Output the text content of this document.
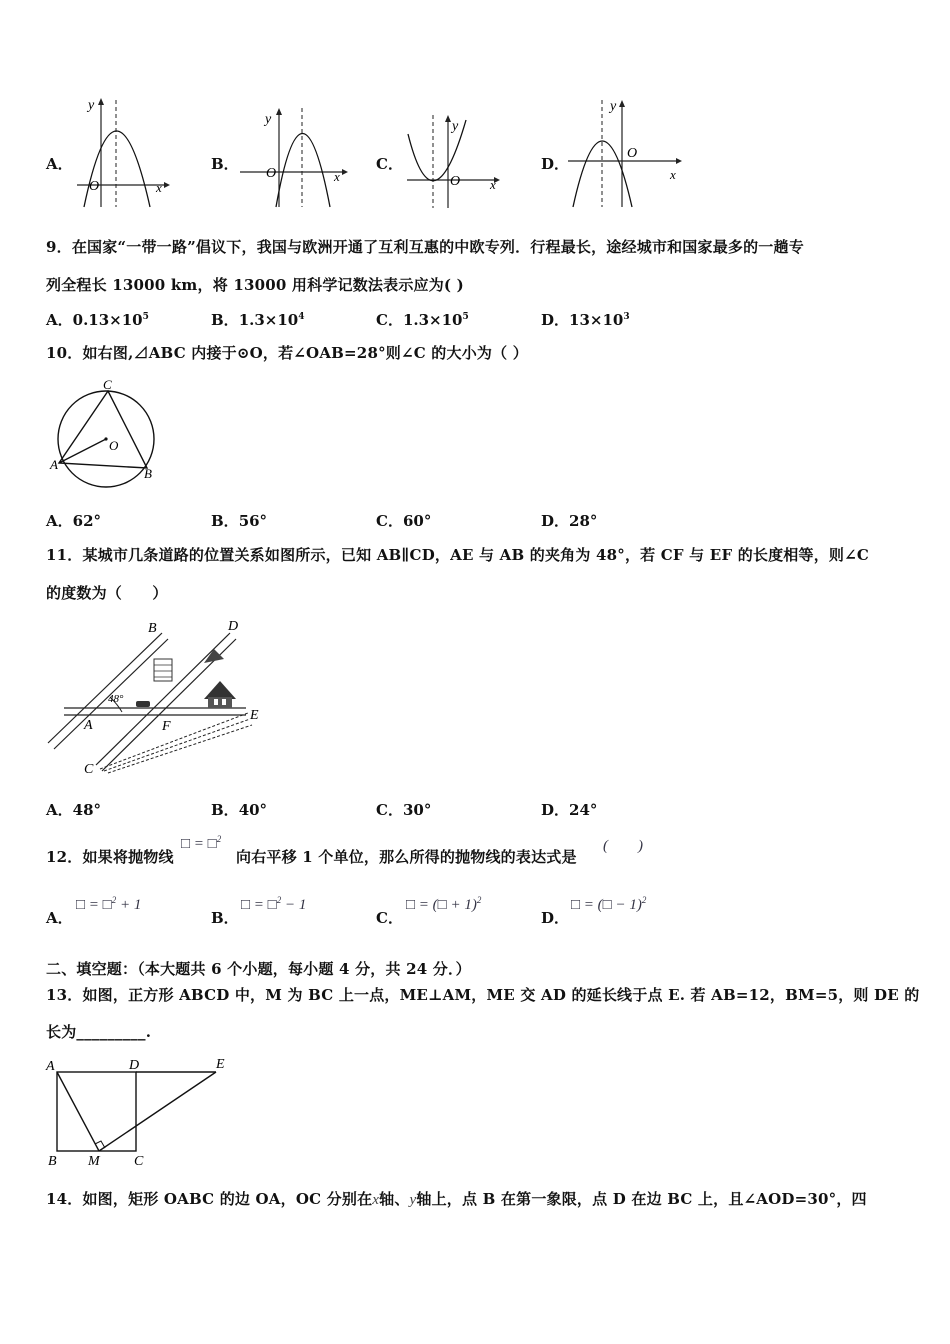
A．
y
x
O
B．
y
x
O
C．
y
x
O
D．
y
x
O
9．在国家“一带一路”倡议下，我国与欧洲开通了互利互惠的中欧专列．行程最长，途经城市和国家最多的一趟专
列全程长 13000 km，将 13000 用科学记数法表示应为( )
A．$0.13\times 10^5$	B．$1.3\times 10^4$	C．$1.3\times 10^5$	D．$13\times 10^3$
10．如右图,⊿ABC 内接于⊙O，若∠OAB=28°则∠C 的大小为（ ）
C
O
A
B
A．62°	B．56°	C．60°	D．28°
11．某城市几条道路的位置关系如图所示，已知 AB∥CD，AE 与 AB 的夹角为 48°，若 CF 与 EF 的长度相等，则∠C
的度数为（　　）
B	D
A	F
E
C
48°
A．48°	B．40°	C．30°	D．24°
12．如果将抛物线
□ = □$^2$
向右平移 1 个单位，那么所得的抛物线的表达式是
(　　)
A．
□ = □$^2$ + 1
B．
□ = □$^2$ − 1
C．
□ = (□ + 1)$^2$
D．
□ = (□ − 1)$^2$
二、填空题：（本大题共 6 个小题，每小题 4 分，共 24 分．）
13．如图，正方形 ABCD 中，M 为 BC 上一点，ME⊥AM，ME 交 AD 的延长线于点 E. 若 AB=12，BM=5，则 DE 的
长为_________.
A	D	E
B M C
14．如图，矩形 OABC 的边 OA，OC 分别在x轴、y轴上，点 B 在第一象限，点 D 在边 BC 上，且∠AOD=30°，四
